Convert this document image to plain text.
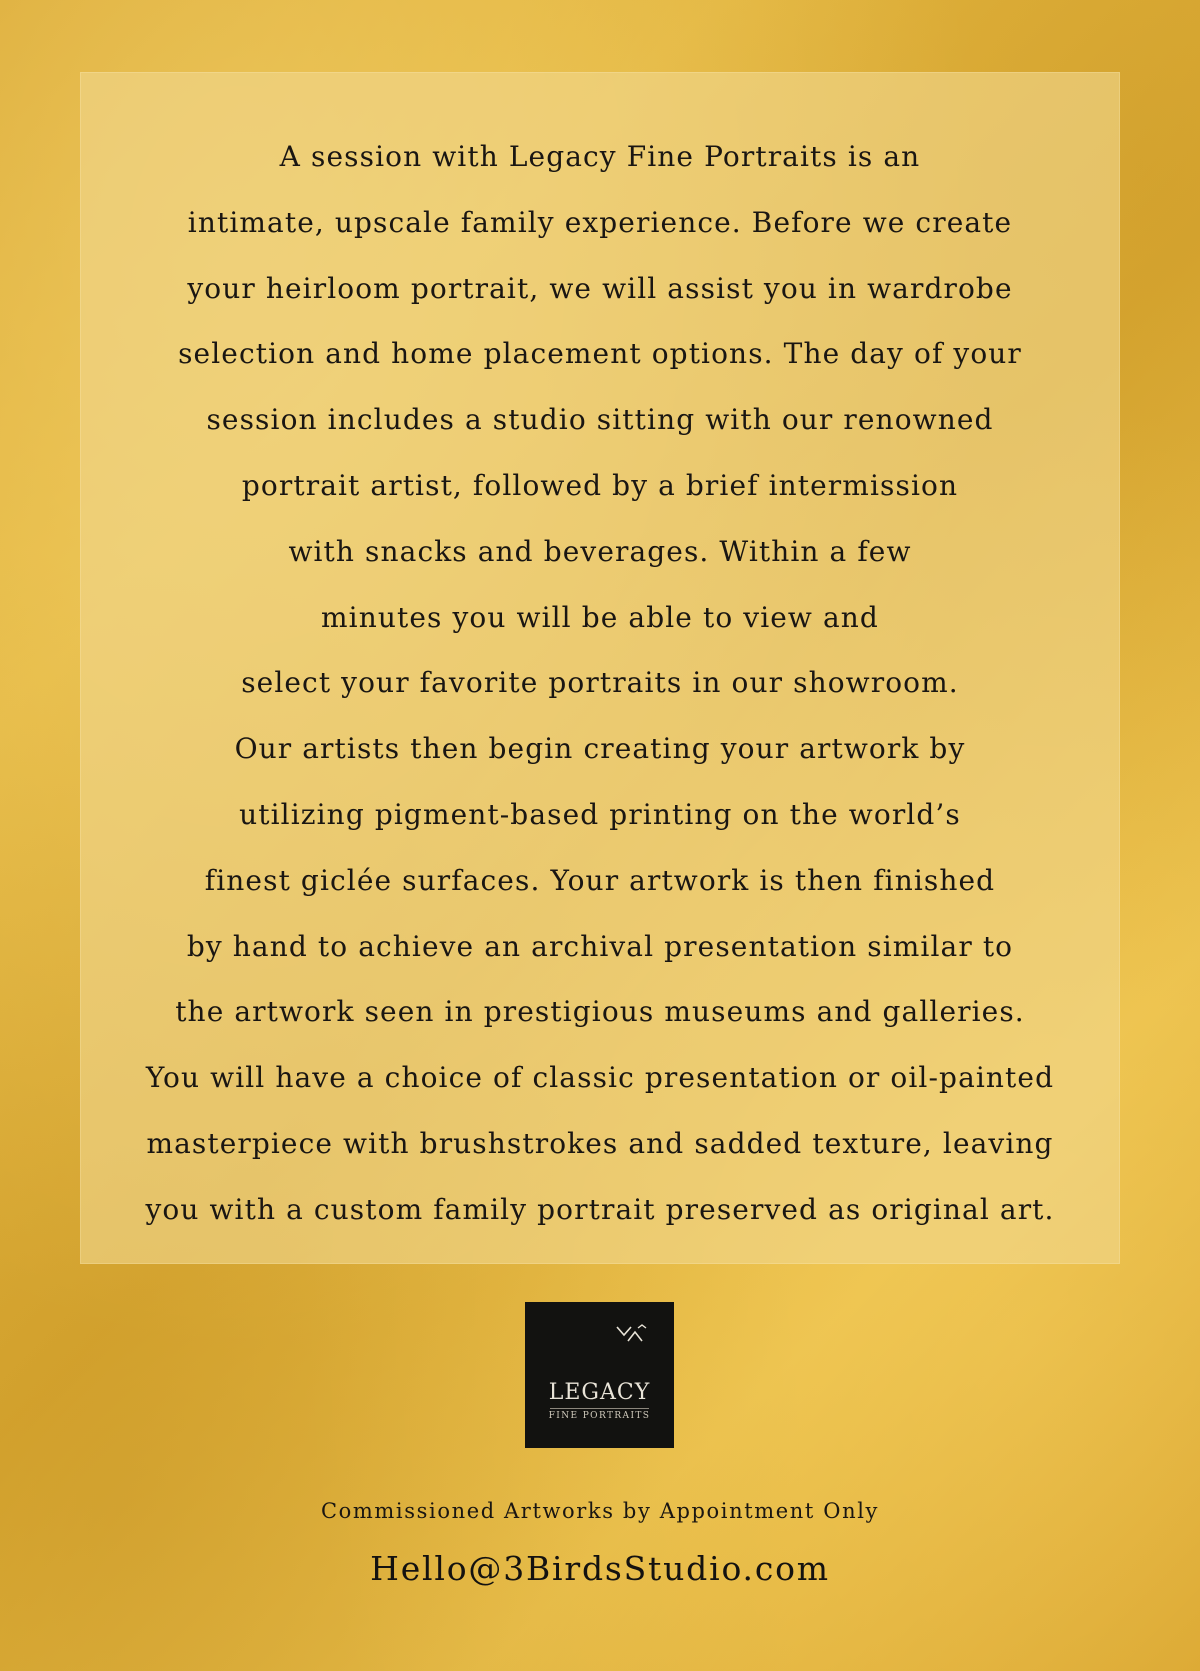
A session with Legacy Fine Portraits is an
intimate, upscale family experience. Before we create
your heirloom portrait, we will assist you in wardrobe
selection and home placement options. The day of your
session includes a studio sitting with our renowned
portrait artist, followed by a brief intermission
with snacks and beverages. Within a few
minutes you will be able to view and
select your favorite portraits in our showroom.
Our artists then begin creating your artwork by
utilizing pigment-based printing on the world’s
finest giclée surfaces. Your artwork is then finished
by hand to achieve an archival presentation similar to
the artwork seen in prestigious museums and galleries.
You will have a choice of classic presentation or oil-painted
masterpiece with brushstrokes and sadded texture, leaving
you with a custom family portrait preserved as original art.
LEGACY
FINE PORTRAITS
Commissioned Artworks by Appointment Only
Hello@3BirdsStudio.com
